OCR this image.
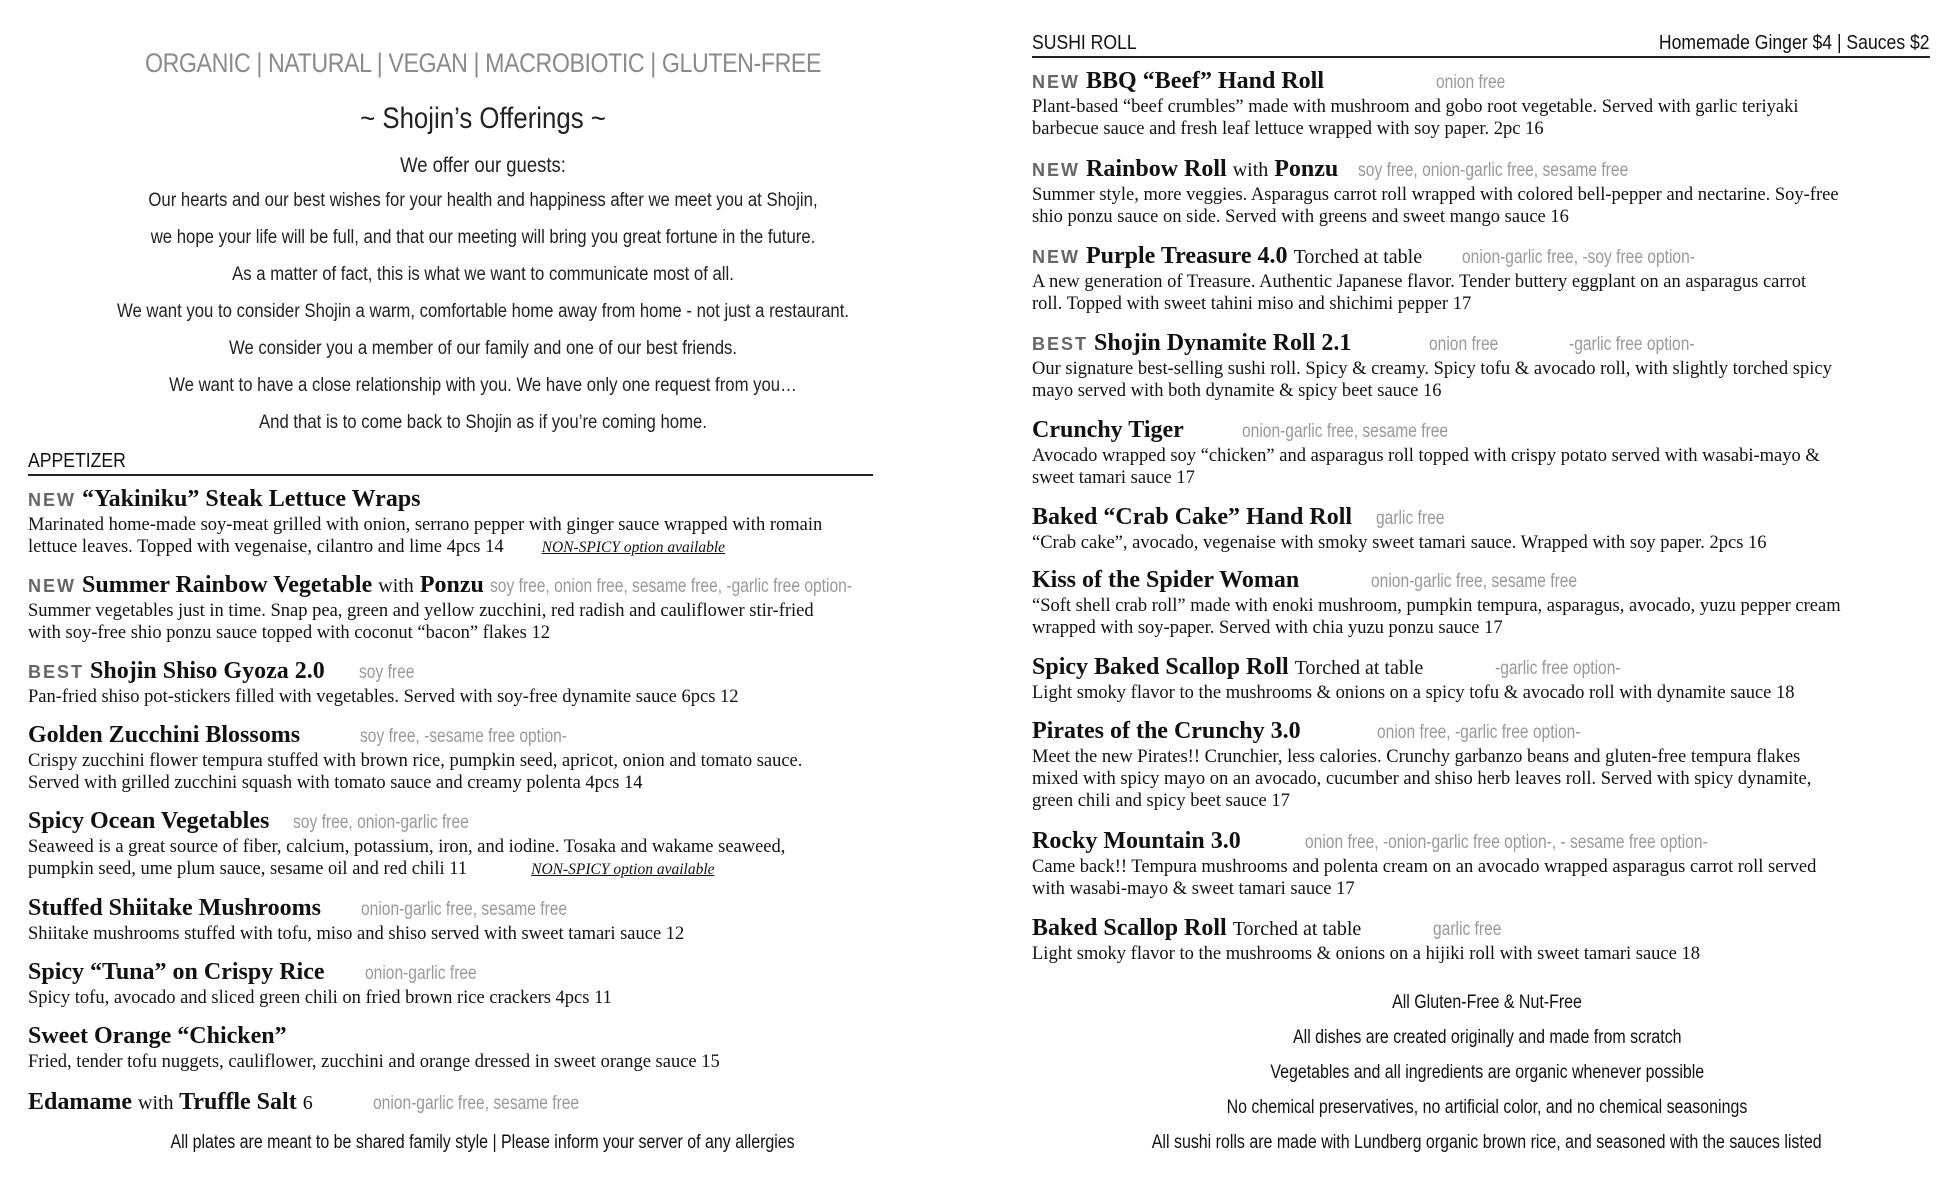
ORGANIC | NATURAL | VEGAN | MACROBIOTIC | GLUTEN-FREE
~ Shojin’s Offerings ~
We offer our guests:
Our hearts and our best wishes for your health and happiness after we meet you at Shojin,
we hope your life will be full, and that our meeting will bring you great fortune in the future.
As a matter of fact, this is what we want to communicate most of all.
We want you to consider Shojin a warm, comfortable home away from home - not just a restaurant.
We consider you a member of our family and one of our best friends.
We want to have a close relationship with you. We have only one request from you…
And that is to come back to Shojin as if you’re coming home.
APPETIZER
NEW “Yakiniku” Steak Lettuce Wraps
Marinated home-made soy-meat grilled with onion, serrano pepper with ginger sauce wrapped with romain
lettuce leaves. Topped with vegenaise, cilantro and lime 4pcs 14 NON-SPICY option available
NEW Summer Rainbow Vegetable with Ponzu soy free, onion free, sesame free, -garlic free option-
Summer vegetables just in time. Snap pea, green and yellow zucchini, red radish and cauliflower stir-fried
with soy-free shio ponzu sauce topped with coconut “bacon” flakes 12
BEST Shojin Shiso Gyoza 2.0 soy free
Pan-fried shiso pot-stickers filled with vegetables. Served with soy-free dynamite sauce 6pcs 12
Golden Zucchini Blossoms	soy free, -sesame free option-
Crispy zucchini flower tempura stuffed with brown rice, pumpkin seed, apricot, onion and tomato sauce.
Served with grilled zucchini squash with tomato sauce and creamy polenta 4pcs 14
Spicy Ocean Vegetables soy free, onion-garlic free
Seaweed is a great source of fiber, calcium, potassium, iron, and iodine. Tosaka and wakame seaweed,
pumpkin seed, ume plum sauce, sesame oil and red chili 11	NON-SPICY option available
Stuffed Shiitake Mushrooms onion-garlic free, sesame free
Shiitake mushrooms stuffed with tofu, miso and shiso served with sweet tamari sauce 12
Spicy “Tuna” on Crispy Rice onion-garlic free
Spicy tofu, avocado and sliced green chili on fried brown rice crackers 4pcs 11
Sweet Orange “Chicken”
Fried, tender tofu nuggets, cauliflower, zucchini and orange dressed in sweet orange sauce 15
Edamame with Truffle Salt 6	onion-garlic free, sesame free
All plates are meant to be shared family style | Please inform your server of any allergies
SUSHI ROLL	Homemade Ginger $4 | Sauces $2
NEW BBQ “Beef” Hand Roll	onion free
Plant-based “beef crumbles” made with mushroom and gobo root vegetable. Served with garlic teriyaki
barbecue sauce and fresh leaf lettuce wrapped with soy paper. 2pc 16
NEW Rainbow Roll with Ponzu soy free, onion-garlic free, sesame free
Summer style, more veggies. Asparagus carrot roll wrapped with colored bell-pepper and nectarine. Soy-free
shio ponzu sauce on side. Served with greens and sweet mango sauce 16
NEW Purple Treasure 4.0 Torched at table onion-garlic free, -soy free option-
A new generation of Treasure. Authentic Japanese flavor. Tender buttery eggplant on an asparagus carrot
roll. Topped with sweet tahini miso and shichimi pepper 17
BEST Shojin Dynamite Roll 2.1	onion free	-garlic free option-
Our signature best-selling sushi roll. Spicy & creamy. Spicy tofu & avocado roll, with slightly torched spicy
mayo served with both dynamite & spicy beet sauce 16
Crunchy Tiger	onion-garlic free, sesame free
Avocado wrapped soy “chicken” and asparagus roll topped with crispy potato served with wasabi-mayo &
sweet tamari sauce 17
Baked “Crab Cake” Hand Roll garlic free
“Crab cake”, avocado, vegenaise with smoky sweet tamari sauce. Wrapped with soy paper. 2pcs 16
Kiss of the Spider Woman	onion-garlic free, sesame free
“Soft shell crab roll” made with enoki mushroom, pumpkin tempura, asparagus, avocado, yuzu pepper cream
wrapped with soy-paper. Served with chia yuzu ponzu sauce 17
Spicy Baked Scallop Roll Torched at table	-garlic free option-
Light smoky flavor to the mushrooms & onions on a spicy tofu & avocado roll with dynamite sauce 18
Pirates of the Crunchy 3.0	onion free, -garlic free option-
Meet the new Pirates!! Crunchier, less calories. Crunchy garbanzo beans and gluten-free tempura flakes
mixed with spicy mayo on an avocado, cucumber and shiso herb leaves roll. Served with spicy dynamite,
green chili and spicy beet sauce 17
Rocky Mountain 3.0	onion free, -onion-garlic free option-, - sesame free option-
Came back!! Tempura mushrooms and polenta cream on an avocado wrapped asparagus carrot roll served
with wasabi-mayo & sweet tamari sauce 17
Baked Scallop Roll Torched at table	garlic free
Light smoky flavor to the mushrooms & onions on a hijiki roll with sweet tamari sauce 18
All Gluten-Free & Nut-Free
All dishes are created originally and made from scratch
Vegetables and all ingredients are organic whenever possible
No chemical preservatives, no artificial color, and no chemical seasonings
All sushi rolls are made with Lundberg organic brown rice, and seasoned with the sauces listed
